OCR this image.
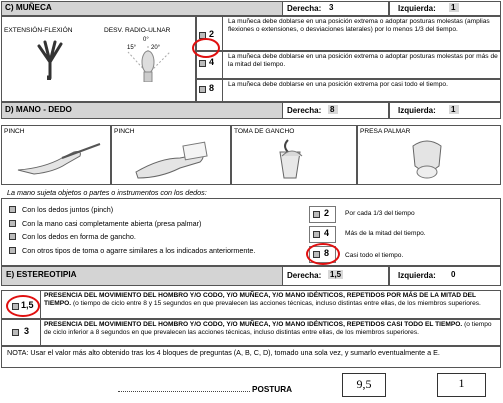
C) MUÑECA	Derecha: 3	Izquierda: 1
EXTENSIÓN-FLEXIÓN	DESV. RADIO-ULNAR
0°
15° 20°
2
La muñeca debe doblarse en una posición extrema o adoptar posturas molestas (amplias flexiones o extensiones, o desviaciones laterales) por lo menos 1/3 del tiempo.
4
La muñeca debe doblarse en una posición extrema o adoptar posturas molestas por más de la mitad del tiempo.
8 La muñeca debe doblarse en una posición extrema por casi todo el tiempo.
D) MANO - DEDO	Derecha: 8	Izquierda: 1
PINCH	PINCH	TOMA DE GANCHO	PRESA PALMAR
La mano sujeta objetos o partes o instrumentos con los dedos:
Con los dedos juntos (pinch)
Con la mano casi completamente abierta (presa palmar)
Con los dedos en forma de gancho.
Con otros tipos de toma o agarre similares a los indicados anteriormente.
2 Por cada 1/3 del tiempo
4 Más de la mitad del tiempo.
8 Casi todo el tiempo.
E) ESTEREOTIPIA	Derecha: 1,5	Izquierda: 0
1,5
PRESENCIA DEL MOVIMIENTO DEL HOMBRO Y/O CODO, Y/O MUÑECA, Y/O MANO IDÉNTICOS, REPETIDOS POR MÁS DE LA MITAD DEL TIEMPO. (o tiempo de ciclo entre 8 y 15 segundos en que prevalecen las acciones técnicas, incluso distintas entre ellas, de los miembros superiores.
3
PRESENCIA DEL MOVIMIENTO DEL HOMBRO Y/O CODO, Y/O MUÑECA, Y/O MANO IDÉNTICOS, REPETIDOS CASI TODO EL TIEMPO. (o tiempo de ciclo inferior a 8 segundos en que prevalecen las acciones técnicas, incluso distintas entre ellas, de los miembros superiores.
NOTA: Usar el valor más alto obtenido tras los 4 bloques de preguntas (A, B, C, D), tomado una sola vez, y sumarlo eventualmente a E.
POSTURA	9,5	1
